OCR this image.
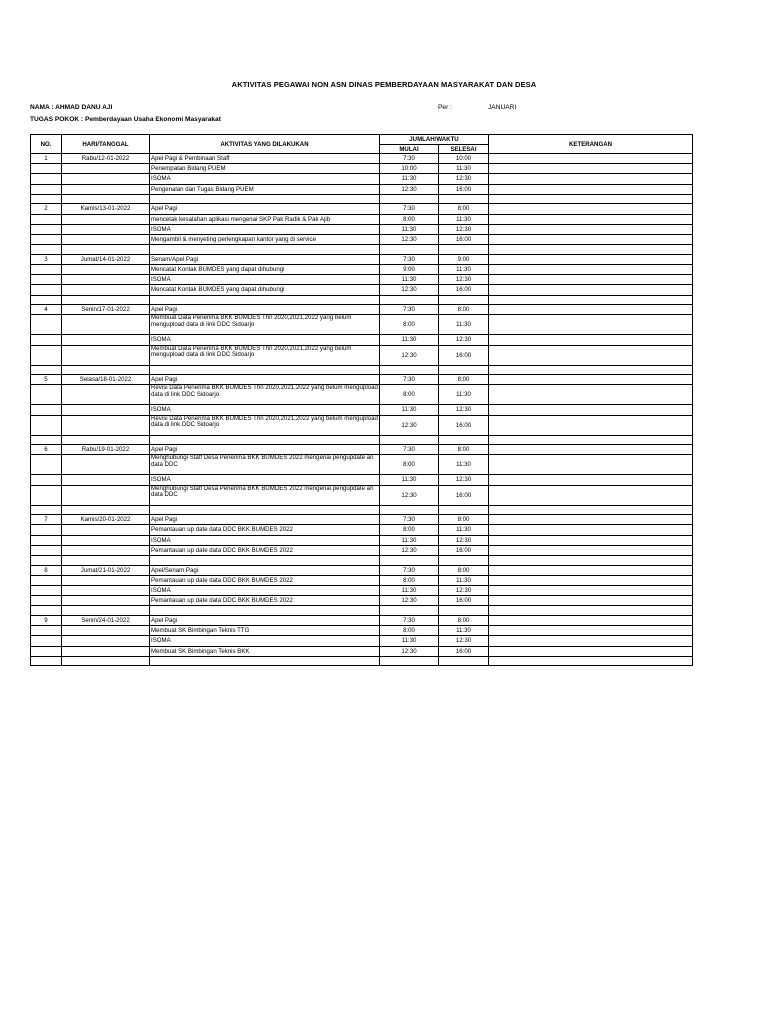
AKTIVITAS PEGAWAI NON ASN DINAS PEMBERDAYAAN MASYARAKAT DAN DESA
NAMA : AHMAD DANU AJI
TUGAS POKOK : Pemberdayaan Usaha Ekonomi Masyarakat
Per :	JANUARI
NO.	HARI/TANGGAL	AKTIVITAS YANG DILAKUKAN	JUMLAH/WAKTU		KETERANGAN
			MULAI	SELESAI	
1	Rabu/12-01-2022	Apel Pagi & Pembinaan Staff	7:30	10:00	
		Penempatan Bidang PUEM	10:00	11:30	
		ISOMA	11:30	12:30	
		Pengenalan dan Tugas Bidang PUEM	12:30	16:00	

2	Kamis/13-01-2022	Apel Pagi	7:30	8:00	
		mencetak kesalahan aplikasi mengenai SKP Pak Radik & Pak Ajib	8:00	11:30	
		ISOMA	11:30	12:30	
		Mengambil & menyeting perlengkapan kantor yang di service	12:30	16:00	

3	Jumat/14-01-2022	Senam/Apel Pagi	7:30	9:00	
		Mencatat Kontak BUMDES yang dapat dihubungi	9:00	11:30	
		ISOMA	11:30	12:30	
		Mencatat Kontak BUMDES yang dapat dihubungi	12:30	16:00	

4	Senin/17-01-2022	Apel Pagi	7:30	8:00	
		Membuat Data Penerima BKK BUMDES Thn 2020,2021,2022 yang belum mengupload data di link DDC Sidoarjo	8:00	11:30	
		ISOMA	11:30	12:30	
		Membuat Data Penerima BKK BUMDES Thn 2020,2021,2022 yang belum mengupload data di link DDC Sidoarjo	12:30	16:00	

5	Selasa/18-01-2022	Apel Pagi	7:30	8:00	
		Revisi Data Penerima BKK BUMDES Thn 2020,2021,2022 yang belum mengupload data di link DDC Sidoarjo	8:00	11:30	
		ISOMA	11:30	12:30	
		Revisi Data Penerima BKK BUMDES Thn 2020,2021,2022 yang belum mengupload data di link DDC Sidoarjo	12:30	16:00	

6	Rabu/19-01-2022	Apel Pagi	7:30	8:00	
		Menghubungi Staff Desa Penerima BKK BUMDES 2022 mengenai pengupdate an data DDC	8:00	11:30	
		ISOMA	11:30	12:30	
		Menghubungi Staff Desa Penerima BKK BUMDES 2022 mengenai pengupdate an data DDC	12:30	16:00	

7	Kamis/20-01-2022	Apel Pagi	7:30	8:00	
		Pemantauan up date data DDC BKK BUMDES 2022	8:00	11:30	
		ISOMA	11:30	12:30	
		Pemantauan up date data DDC BKK BUMDES 2022	12:30	16:00	

8	Jumat/21-01-2022	Apel/Senam Pagi	7:30	8:00	
		Pemantauan up date data DDC BKK BUMDES 2022	8:00	11:30	
		ISOMA	11:30	12:30	
		Pemantauan up date data DDC BKK BUMDES 2022	12:30	16:00	

9	Senin/24-01-2022	Apel Pagi	7:30	8:00	
		Membuat SK Bimbingan Teknis TTG	8:00	11:30	
		ISOMA	11:30	12:30	
		Membuat SK Bimbingan Teknis BKK	12:30	16:00	
